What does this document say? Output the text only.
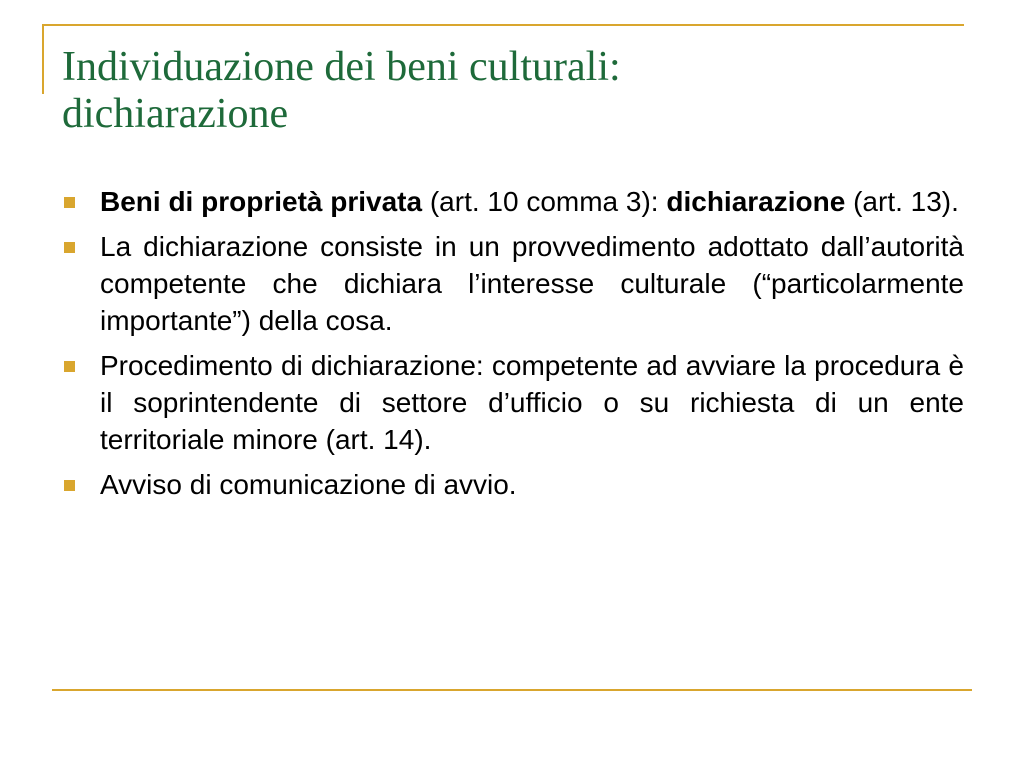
Individuazione dei beni culturali:
dichiarazione
Beni di proprietà privata (art. 10 comma 3): dichiarazione (art. 13).
La dichiarazione consiste in un provvedimento adottato dall’autorità competente che dichiara l’interesse culturale (“particolarmente importante”) della cosa.
Procedimento di dichiarazione: competente ad avviare la procedura è il soprintendente di settore d’ufficio o su richiesta di un ente territoriale minore (art. 14).
Avviso di comunicazione di avvio.
